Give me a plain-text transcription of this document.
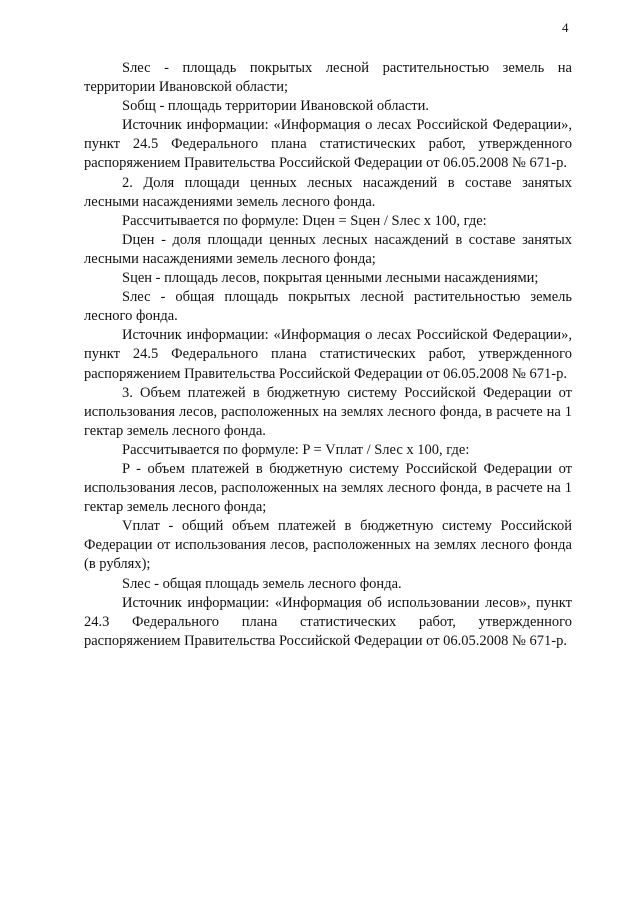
4

Sлес - площадь покрытых лесной растительностью земель на территории Ивановской области;

Sобщ - площадь территории Ивановской области.

Источник информации: «Информация о лесах Российской Федерации», пункт 24.5 Федерального плана статистических работ, утвержденного распоряжением Правительства Российской Федерации от 06.05.2008 № 671-р.

2. Доля площади ценных лесных насаждений в составе занятых лесными насаждениями земель лесного фонда.

Рассчитывается по формуле: Dцен = Sцен / Sлес x 100, где:

Dцен - доля площади ценных лесных насаждений в составе занятых лесными насаждениями земель лесного фонда;

Sцен - площадь лесов, покрытая ценными лесными насаждениями;

Sлес - общая площадь покрытых лесной растительностью земель лесного фонда.

Источник информации: «Информация о лесах Российской Федерации», пункт 24.5 Федерального плана статистических работ, утвержденного распоряжением Правительства Российской Федерации от 06.05.2008 № 671-р.

3. Объем платежей в бюджетную систему Российской Федерации от использования лесов, расположенных на землях лесного фонда, в расчете на 1 гектар земель лесного фонда.

Рассчитывается по формуле: P = Vплат / Sлес x 100, где:

P - объем платежей в бюджетную систему Российской Федерации от использования лесов, расположенных на землях лесного фонда, в расчете на 1 гектар земель лесного фонда;

Vплат - общий объем платежей в бюджетную систему Российской Федерации от использования лесов, расположенных на землях лесного фонда (в рублях);

Sлес - общая площадь земель лесного фонда.

Источник информации: «Информация об использовании лесов», пункт 24.3 Федерального плана статистических работ, утвержденного распоряжением Правительства Российской Федерации от 06.05.2008 № 671-р.
